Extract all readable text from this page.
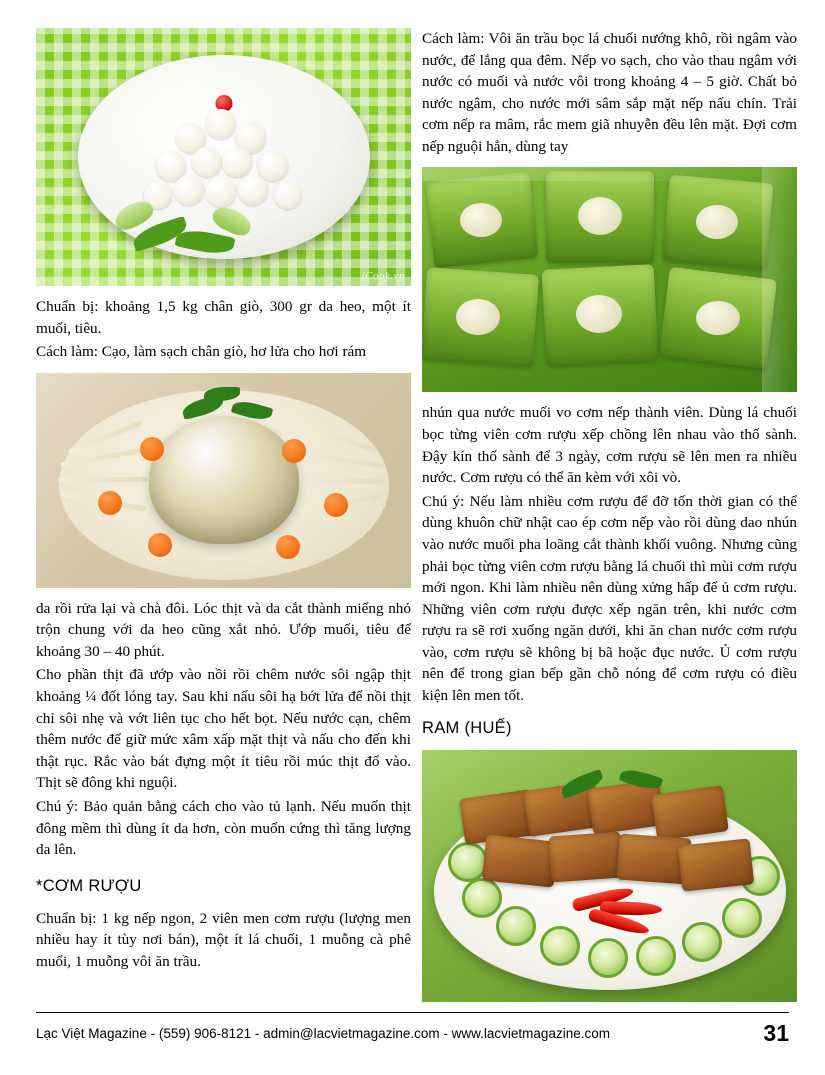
iCook.vn

Chuẩn bị: khoảng 1,5 kg chân giò, 300 gr da heo, một ít muối, tiêu.

Cách làm: Cạo, làm sạch chân giò, hơ lửa cho hơi rám

da rồi rửa lại và chà đôi. Lóc thịt và da cắt thành miếng nhỏ trộn chung với da heo cũng xắt nhỏ. Ướp muối, tiêu để khoảng 30 – 40 phút.

Cho phần thịt đã ướp vào nồi rồi chêm nước sôi ngập thịt khoảng ¼ đốt lóng tay. Sau khi nấu sôi hạ bớt lửa để nồi thịt chỉ sôi nhẹ và vớt liên tục cho hết bọt. Nếu nước cạn, chêm thêm nước để giữ mức xâm xấp mặt thịt và nấu cho đến khi thật rục. Rắc vào bát đựng một ít tiêu rồi múc thịt đổ vào. Thịt sẽ đông khi nguội.

Chú ý: Bảo quản bằng cách cho vào tủ lạnh. Nếu muốn thịt đông mềm thì dùng ít da hơn, còn muốn cứng thì tăng lượng da lên.

*CƠM RƯỢU

Chuẩn bị: 1 kg nếp ngon, 2 viên men cơm rượu (lượng men nhiều hay ít tùy nơi bán), một ít lá chuối, 1 muỗng cà phê muối, 1 muỗng vôi ăn trầu.

Cách làm: Vôi ăn trầu bọc lá chuối nướng khô, rồi ngâm vào nước, để lắng qua đêm. Nếp vo sạch, cho vào thau ngâm với nước có muối và nước vôi trong khoảng 4 – 5 giờ. Chất bỏ nước ngâm, cho nước mới sâm sắp mặt nếp nấu chín. Trải cơm nếp ra mâm, rắc mem giã nhuyễn đều lên mặt. Đợi cơm nếp nguội hẳn, dùng tay

nhún qua nước muối vo cơm nếp thành viên. Dùng lá chuối bọc từng viên cơm rượu xếp chồng lên nhau vào thố sành. Đậy kín thố sành để 3 ngày, cơm rượu sẽ lên men ra nhiều nước. Cơm rượu có thể ăn kèm với xôi vò.

Chú ý: Nếu làm nhiều cơm rượu để đỡ tốn thời gian có thể dùng khuôn chữ nhật cao ép cơm nếp vào rồi dùng dao nhún vào nước muối pha loãng cắt thành khối vuông. Nhưng cũng phải bọc từng viên cơm rượu bằng lá chuối thì mùi cơm rượu mới ngon. Khi làm nhiều nên dùng xửng hấp để ủ cơm rượu. Những viên cơm rượu được xếp ngăn trên, khi nước cơm rượu ra sẽ rơi xuống ngăn dưới, khi ăn chan nước cơm rượu vào, cơm rượu sẽ không bị bã hoặc đục nước. Ủ cơm rượu nên để trong gian bếp gần chỗ nóng để cơm rượu có điều kiện lên men tốt.

RAM (HUẾ)
Lạc Việt Magazine - (559) 906-8121 - admin@lacvietmagazine.com - www.lacvietmagazine.com	31
